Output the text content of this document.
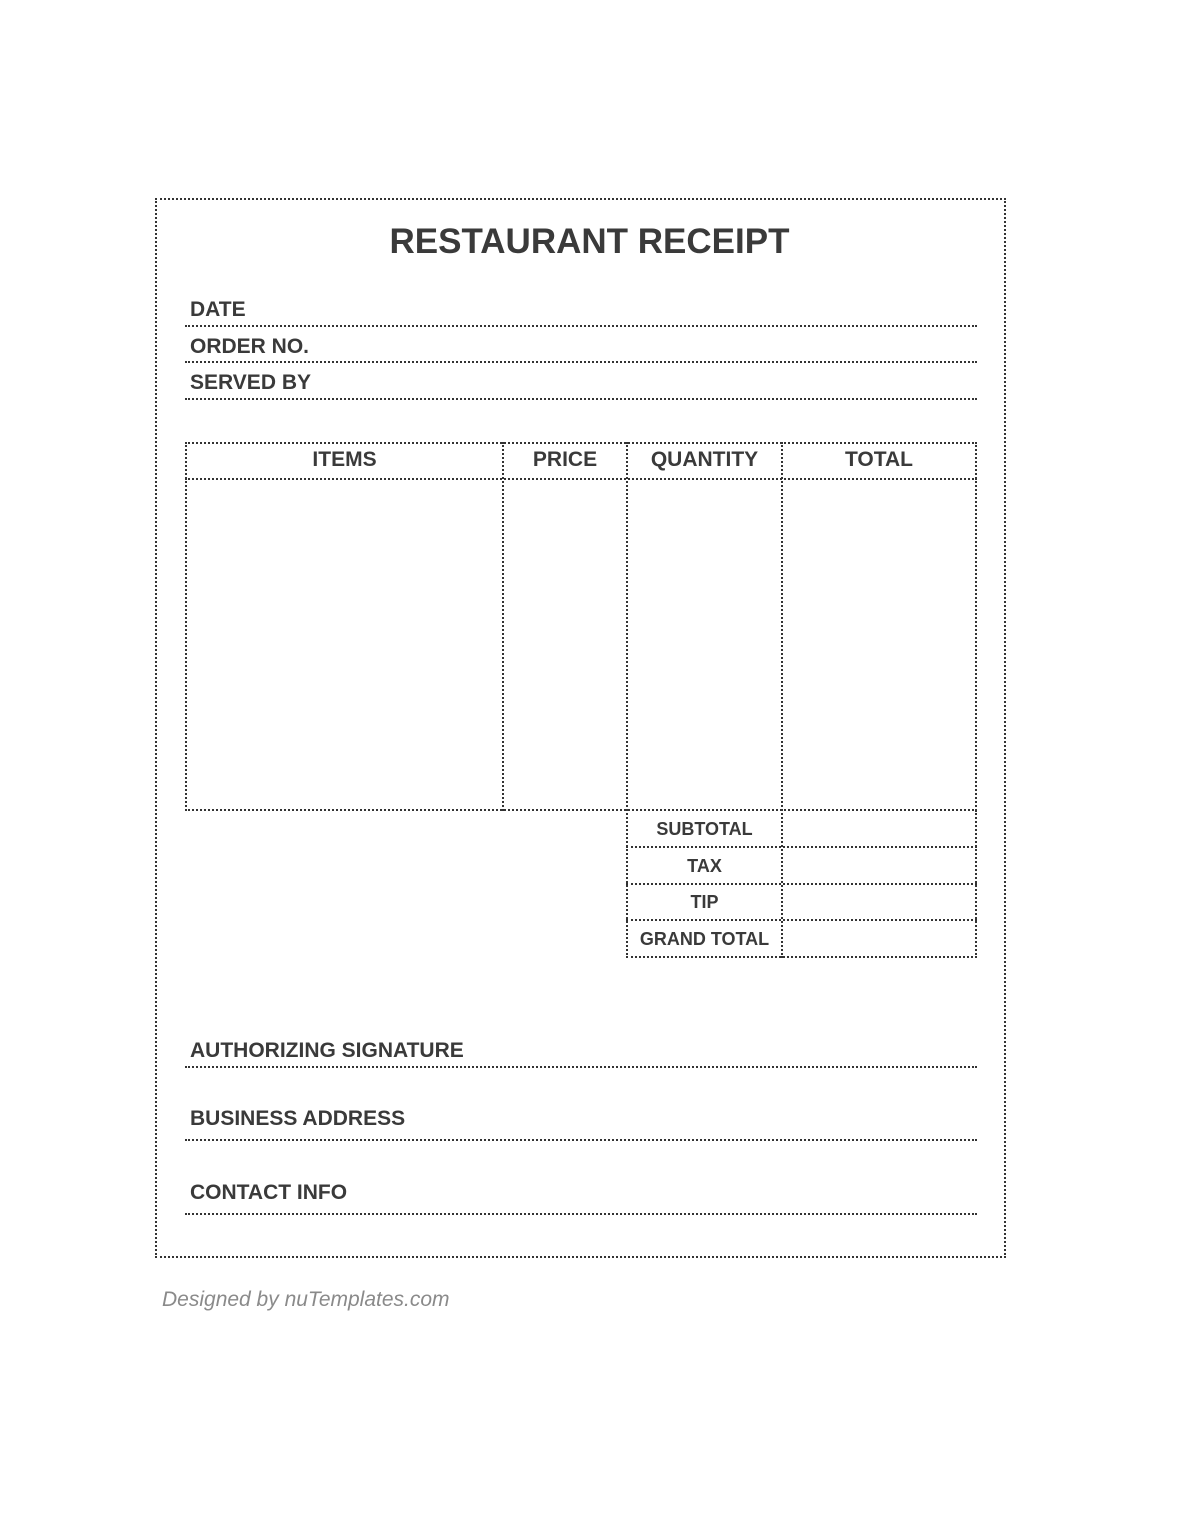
RESTAURANT RECEIPT
DATE
ORDER NO.
SERVED BY
ITEMS	PRICE	QUANTITY	TOTAL
SUBTOTAL
TAX
TIP
GRAND TOTAL
AUTHORIZING SIGNATURE
BUSINESS ADDRESS
CONTACT INFO
Designed by nuTemplates.com
